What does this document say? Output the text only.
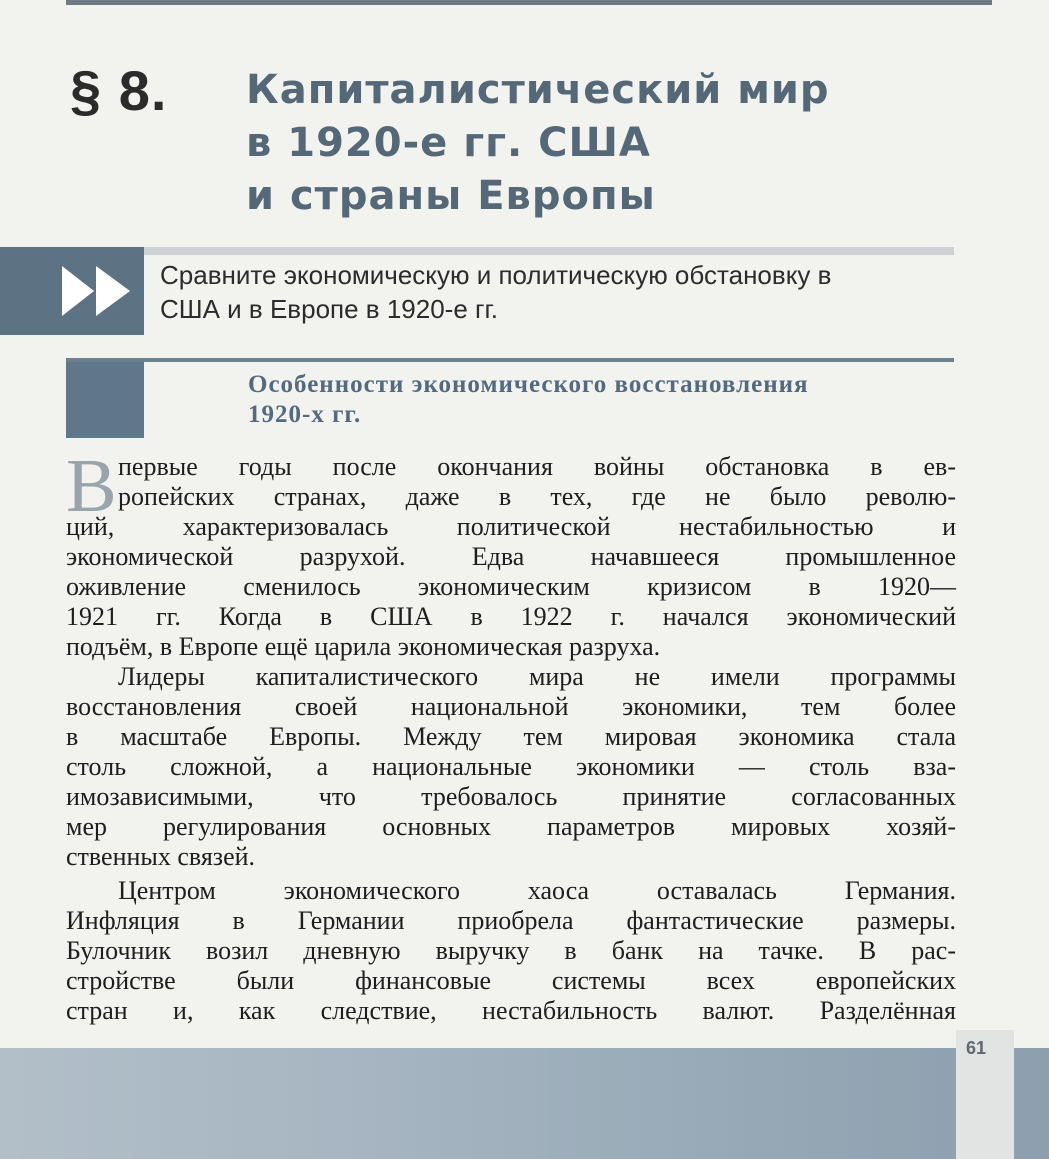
§ 8. Капиталистический мир
в 1920-е гг. США
и страны Европы
Сравните экономическую и политическую обстановку в
США и в Европе в 1920-е гг.
Особенности экономического восстановления
1920-х гг.
В первые годы после окончания войны обстановка в ев-
ропейских странах, даже в тех, где не было револю-
ций, характеризовалась политической нестабильностью и
экономической разрухой. Едва начавшееся промышленное
оживление сменилось экономическим кризисом в 1920—
1921 гг. Когда в США в 1922 г. начался экономический
подъём, в Европе ещё царила экономическая разруха.
Лидеры капиталистического мира не имели программы
восстановления своей национальной экономики, тем более
в масштабе Европы. Между тем мировая экономика стала
столь сложной, а национальные экономики — столь вза-
имозависимыми, что требовалось принятие согласованных
мер регулирования основных параметров мировых хозяй-
ственных связей.
Центром экономического хаоса оставалась Германия.
Инфляция в Германии приобрела фантастические размеры.
Булочник возил дневную выручку в банк на тачке. В рас-
стройстве были финансовые системы всех европейских
стран и, как следствие, нестабильность валют. Разделённая
61
